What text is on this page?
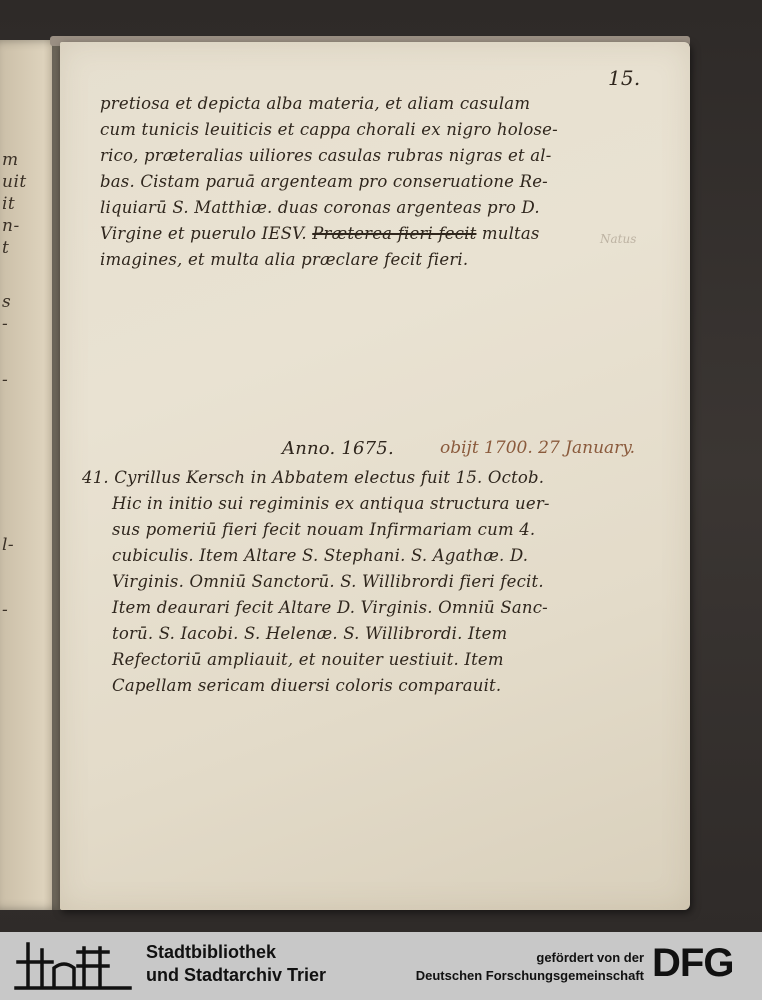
m
uit
it
n-
t
s
-
-
l-
-
15.
pretiosa et depicta alba materia, et aliam casulam
cum tunicis leuiticis et cappa chorali ex nigro holose-
rico, præteralias uiliores casulas rubras nigras et al-
bas. Cistam paruā argenteam pro conseruatione Re-
liquiarū S. Matthiæ. duas coronas argenteas pro D.
Virgine et puerulo IESV. Præterea fieri fecit multas
imagines, et multa alia præclare fecit fieri.
Natus
Anno. 1675.	obijt 1700. 27 January.
41. Cyrillus Kersch in Abbatem electus fuit 15. Octob.
Hic in initio sui regiminis ex antiqua structura uer-
sus pomeriū fieri fecit nouam Infirmariam cum 4.
cubiculis. Item Altare S. Stephani. S. Agathæ. D.
Virginis. Omniū Sanctorū. S. Willibrordi fieri fecit.
Item deaurari fecit Altare D. Virginis. Omniū Sanc-
torū. S. Iacobi. S. Helenæ. S. Willibrordi. Item
Refectoriū ampliauit, et nouiter uestiuit. Item
Capellam sericam diuersi coloris comparauit.
Stadtbibliothek
und Stadtarchiv Trier
gefördert von der
Deutschen Forschungsgemeinschaft DFG
